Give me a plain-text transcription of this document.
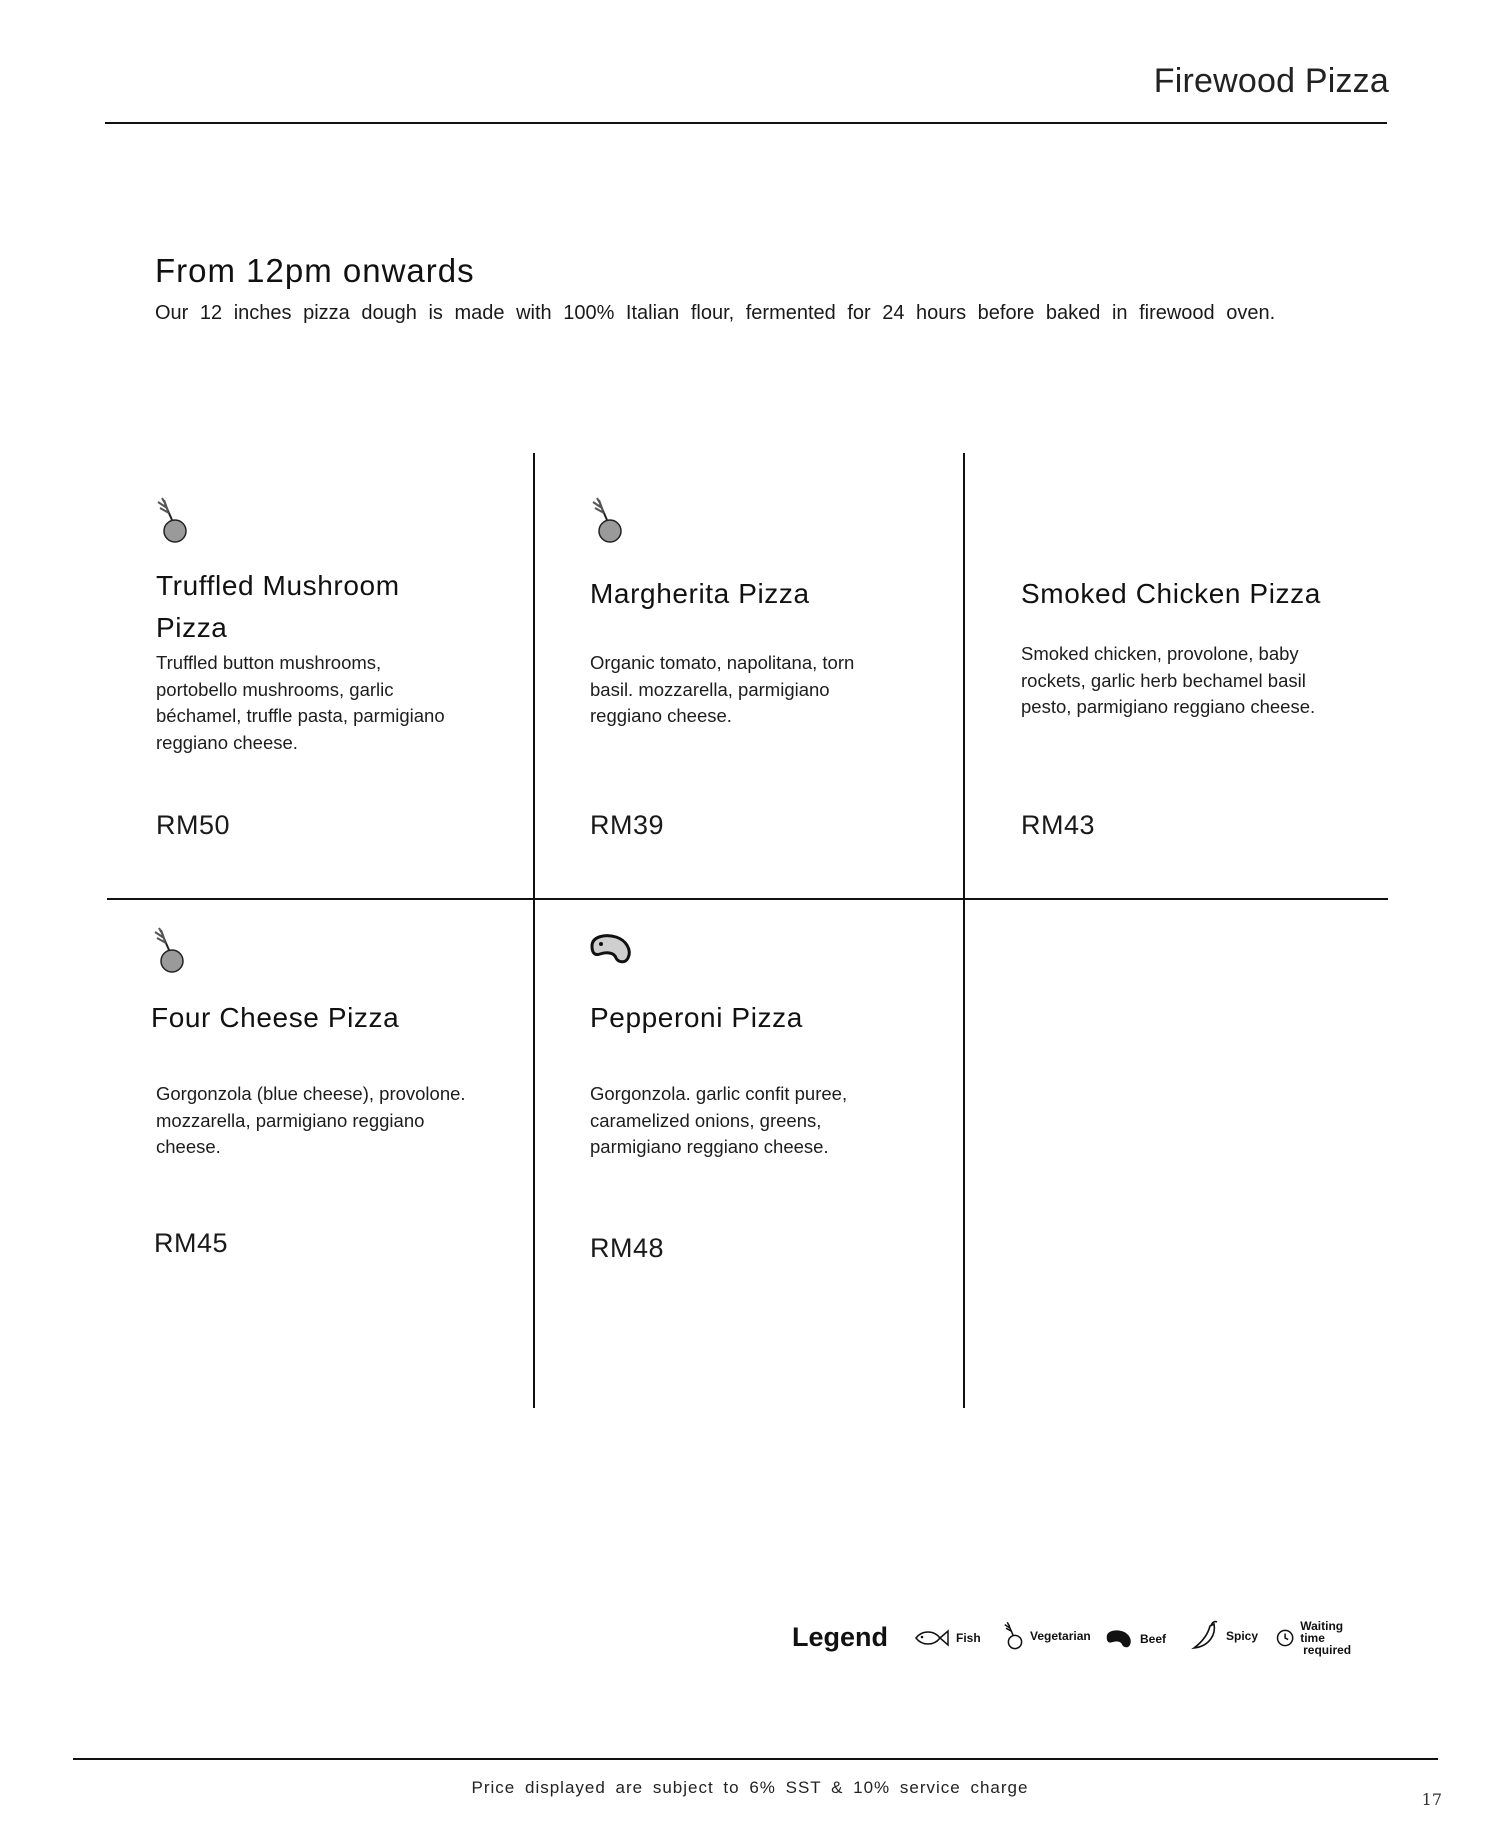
Firewood Pizza
From 12pm onwards
Our 12 inches pizza dough is made with 100% Italian flour, fermented for 24 hours before baked in firewood oven.
Truffled Mushroom
Pizza
Truffled button mushrooms,
portobello mushrooms, garlic
béchamel, truffle pasta, parmigiano
reggiano cheese.
RM50
Margherita Pizza
Organic tomato, napolitana, torn
basil. mozzarella, parmigiano
reggiano cheese.
RM39
Smoked Chicken Pizza
Smoked chicken, provolone, baby
rockets, garlic herb bechamel basil
pesto, parmigiano reggiano cheese.
RM43
Four Cheese Pizza
Gorgonzola (blue cheese), provolone.
mozzarella, parmigiano reggiano
cheese.
RM45
Pepperoni Pizza
Gorgonzola. garlic confit puree,
caramelized onions, greens,
parmigiano reggiano cheese.
RM48
Legend	Fish	Vegetarian	Beef	Spicy
Waiting time
required
Price displayed are subject to 6% SST & 10% service charge
17
